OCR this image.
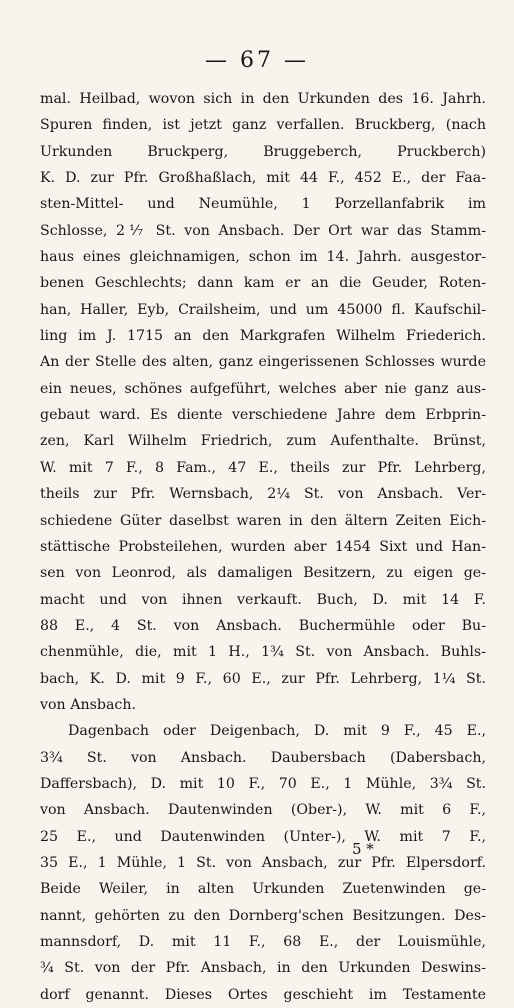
— 67 —
mal. Heilbad, wovon sich in den Urkunden des 16. Jahrh.
Spuren finden, ist jetzt ganz verfallen. Bruckberg, (nach
Urkunden Bruckperg, Bruggeberch, Pruckberch)
K. D. zur Pfr. Großhaßlach, mit 44 F., 452 E., der Faa-
sten-Mittel- und Neumühle, 1 Porzellanfabrik im
Schlosse, 2⅐ St. von Ansbach. Der Ort war das Stamm-
haus eines gleichnamigen, schon im 14. Jahrh. ausgestor-
benen Geschlechts; dann kam er an die Geuder, Roten-
han, Haller, Eyb, Crailsheim, und um 45000 fl. Kaufschil-
ling im J. 1715 an den Markgrafen Wilhelm Friederich.
An der Stelle des alten, ganz eingerissenen Schlosses wurde
ein neues, schönes aufgeführt, welches aber nie ganz aus-
gebaut ward. Es diente verschiedene Jahre dem Erbprin-
zen, Karl Wilhelm Friedrich, zum Aufenthalte. Brünst,
W. mit 7 F., 8 Fam., 47 E., theils zur Pfr. Lehrberg,
theils zur Pfr. Wernsbach, 2¼ St. von Ansbach. Ver-
schiedene Güter daselbst waren in den ältern Zeiten Eich-
stättische Probsteilehen, wurden aber 1454 Sixt und Han-
sen von Leonrod, als damaligen Besitzern, zu eigen ge-
macht und von ihnen verkauft. Buch, D. mit 14 F.
88 E., 4 St. von Ansbach. Buchermühle oder Bu-
chenmühle, die, mit 1 H., 1¾ St. von Ansbach. Buhls-
bach, K. D. mit 9 F., 60 E., zur Pfr. Lehrberg, 1¼ St.
von Ansbach.
Dagenbach oder Deigenbach, D. mit 9 F., 45 E.,
3¾ St. von Ansbach. Daubersbach (Dabersbach,
Daffersbach), D. mit 10 F., 70 E., 1 Mühle, 3¾ St.
von Ansbach. Dautenwinden (Ober-), W. mit 6 F.,
25 E., und Dautenwinden (Unter-), W. mit 7 F.,
35 E., 1 Mühle, 1 St. von Ansbach, zur Pfr. Elpersdorf.
Beide Weiler, in alten Urkunden Zuetenwinden ge-
nannt, gehörten zu den Dornberg'schen Besitzungen. Des-
mannsdorf, D. mit 11 F., 68 E., der Louismühle,
¾ St. von der Pfr. Ansbach, in den Urkunden Deswins-
dorf genannt. Dieses Ortes geschieht im Testamente
5 *
